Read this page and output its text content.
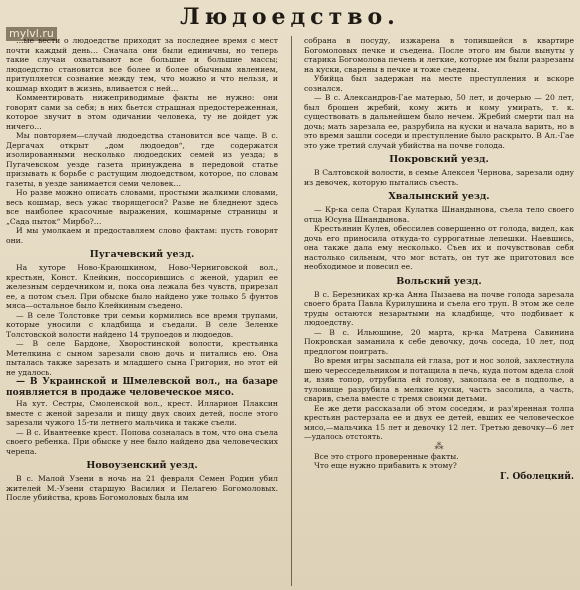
mylvl.ru
Людоедство.

…ые вести о людоедстве приходят за последнее время с мест почти каждый день… Сначала они были единичны, но теперь такие случаи охватывают все большие и большие массы; людоедство становится все более и более обычным явлением, притупляется сознание между тем, что можно и что нельзя, и кошмар входит в жизнь, вливается с ней…

Комментировать нижеприводимые факты не нужно: они говорят сами за себя; в них бьется страшная предостереженная, которое звучит в этом одичании человека, ту не дойдет уж ничего…

Мы повторяем—случай людоедства становится все чаще. В с. Дергачах открыт „дом людоедов“, где содержатся изолированными несколько людоедских семей из уезда; в Пугачевском уезде газета принуждена в передовой статье призывать к борьбе с растущим людоедством, которое, по словам газеты, в уезде занимается семи человек…

Но разве можно описать словами, простыми жалкими словами, весь кошмар, весь ужас творящегося? Разве не бледнеют здесь все наиболее красочные выражения, кошмарные страницы и „Сада пыток“ Мирбо?…

И мы умолкаем и предоставляем слово фактам: пусть говорят они.

Пугачевский уезд.

На хуторе Ново-Краюшкином, Ново-Черниговской вол., крестьян, Конст. Клейкин, поссорившись с женой, ударил ее железным сердечником и, пока она лежала без чувств, прирезал ее, а потом съел. При обыске было найдено уже только 5 фунтов мяса—остальное было Клейкиным съедено.

— В селе Толстовке три семьи кормились все время трупами, которые уносили с кладбища и съедали. В селе Зеленке Толстовской волости найдено 14 трупоедов и людоедов.

— В селе Бардоне, Хворостинской волости, крестьянка Метелкина с сыном зарезали свою дочь и питались ею. Она пыталась также зарезать и младшего сына Григория, но этот ей не удалось.

— В Украинской и Шмелевской вол., на базаре появляется в продаже человеческое мясо.

На хут. Сестры, Смоленской вол., крест. Илларион Плаксин вместе с женой зарезали и пищу двух своих детей, после этого зарезали чужого 15-ти летнего мальчика и также съели.

— В с. Ивантеевке крест. Попова созналась в том, что она съела своего ребенка. При обыске у нее было найдено два человеческих черепа.

Новоузенский уезд.

В с. Малой Узени в ночь на 21 февраля Семен Родин убил жителей М.-Узени старшую Василия и Пелагею Богомоловых. После убийства, кровь Богомоловых была им

собрана в посуду, изжарена в топившейся в квартире Богомоловых печке и съедена. После этого им были вынуты у старика Богомолова печень и легкие, которые им были разрезаны на куски, сварены в печке и тоже съедены.

Убийца был задержан на месте преступления и вскоре сознался.

— В с. Александров-Гае матерью, 50 лет, и дочерью — 20 лет, был брошен жребий, кому жить и кому умирать, т. к. существовать в дальнейшем было нечем. Жребий смерти пал на дочь; мать зарезала ее, разрубила на куски и начала варить, но в это время зашли соседи и преступление было раскрыто. В Ал.-Гае это уже третий случай убийства на почве голода.

Покровский уезд.

В Салтовской волости, в семье Алексея Чернова, зарезали одну из девочек, которую пытались съесть.

Хвалынский уезд.

— Кр-ка села Старая Кулатка Шнандынова, съела тело своего отца Юсуна Шнандынова.

Крестьянин Кулев, обессилев совершенно от голода, видел, как дочь его приносила откуда-то суррогатные лепешки. Наевшись, она также дала ему несколько. Съев их и почувствовав себя настолько сильным, что мог встать, он тут же приготовил все необходимое и повесил ее.

Вольский уезд.

В с. Березниках кр-ка Анна Пызаева на почве голода зарезала своего брата Павла Курилушина и съела его труп. В этом же селе труды остаются незарытыми на кладбище, что подбивает к людоедству.

— В с. Ильюшине, 20 марта, кр-ка Матрена Савинина Покровская заманила к себе девочку, дочь соседа, 10 лет, под предлогом поиграть.

Во время игры засыпала ей глаза, рот и нос золой, захлестнула шею чересседельником и потащила в печь, куда потом вдела слой и, взяв топор, отрубила ей голову, закопала ее в подполье, а туловище разрубила в мелкие куски, часть засолила, а часть, сварив, съела вместе с тремя своими детьми.

Ее же дети рассказали об этом соседям, и раз'яренная толпа крестьян растерзала ее и двух ее детей, евших ее человеческое мясо,—мальчика 15 лет и девочку 12 лет. Третью девочку—6 лет—удалось отстоять.

⁂

Все это строго проверенные факты.

Что еще нужно прибавить к этому?

Г. Оболецкий.
